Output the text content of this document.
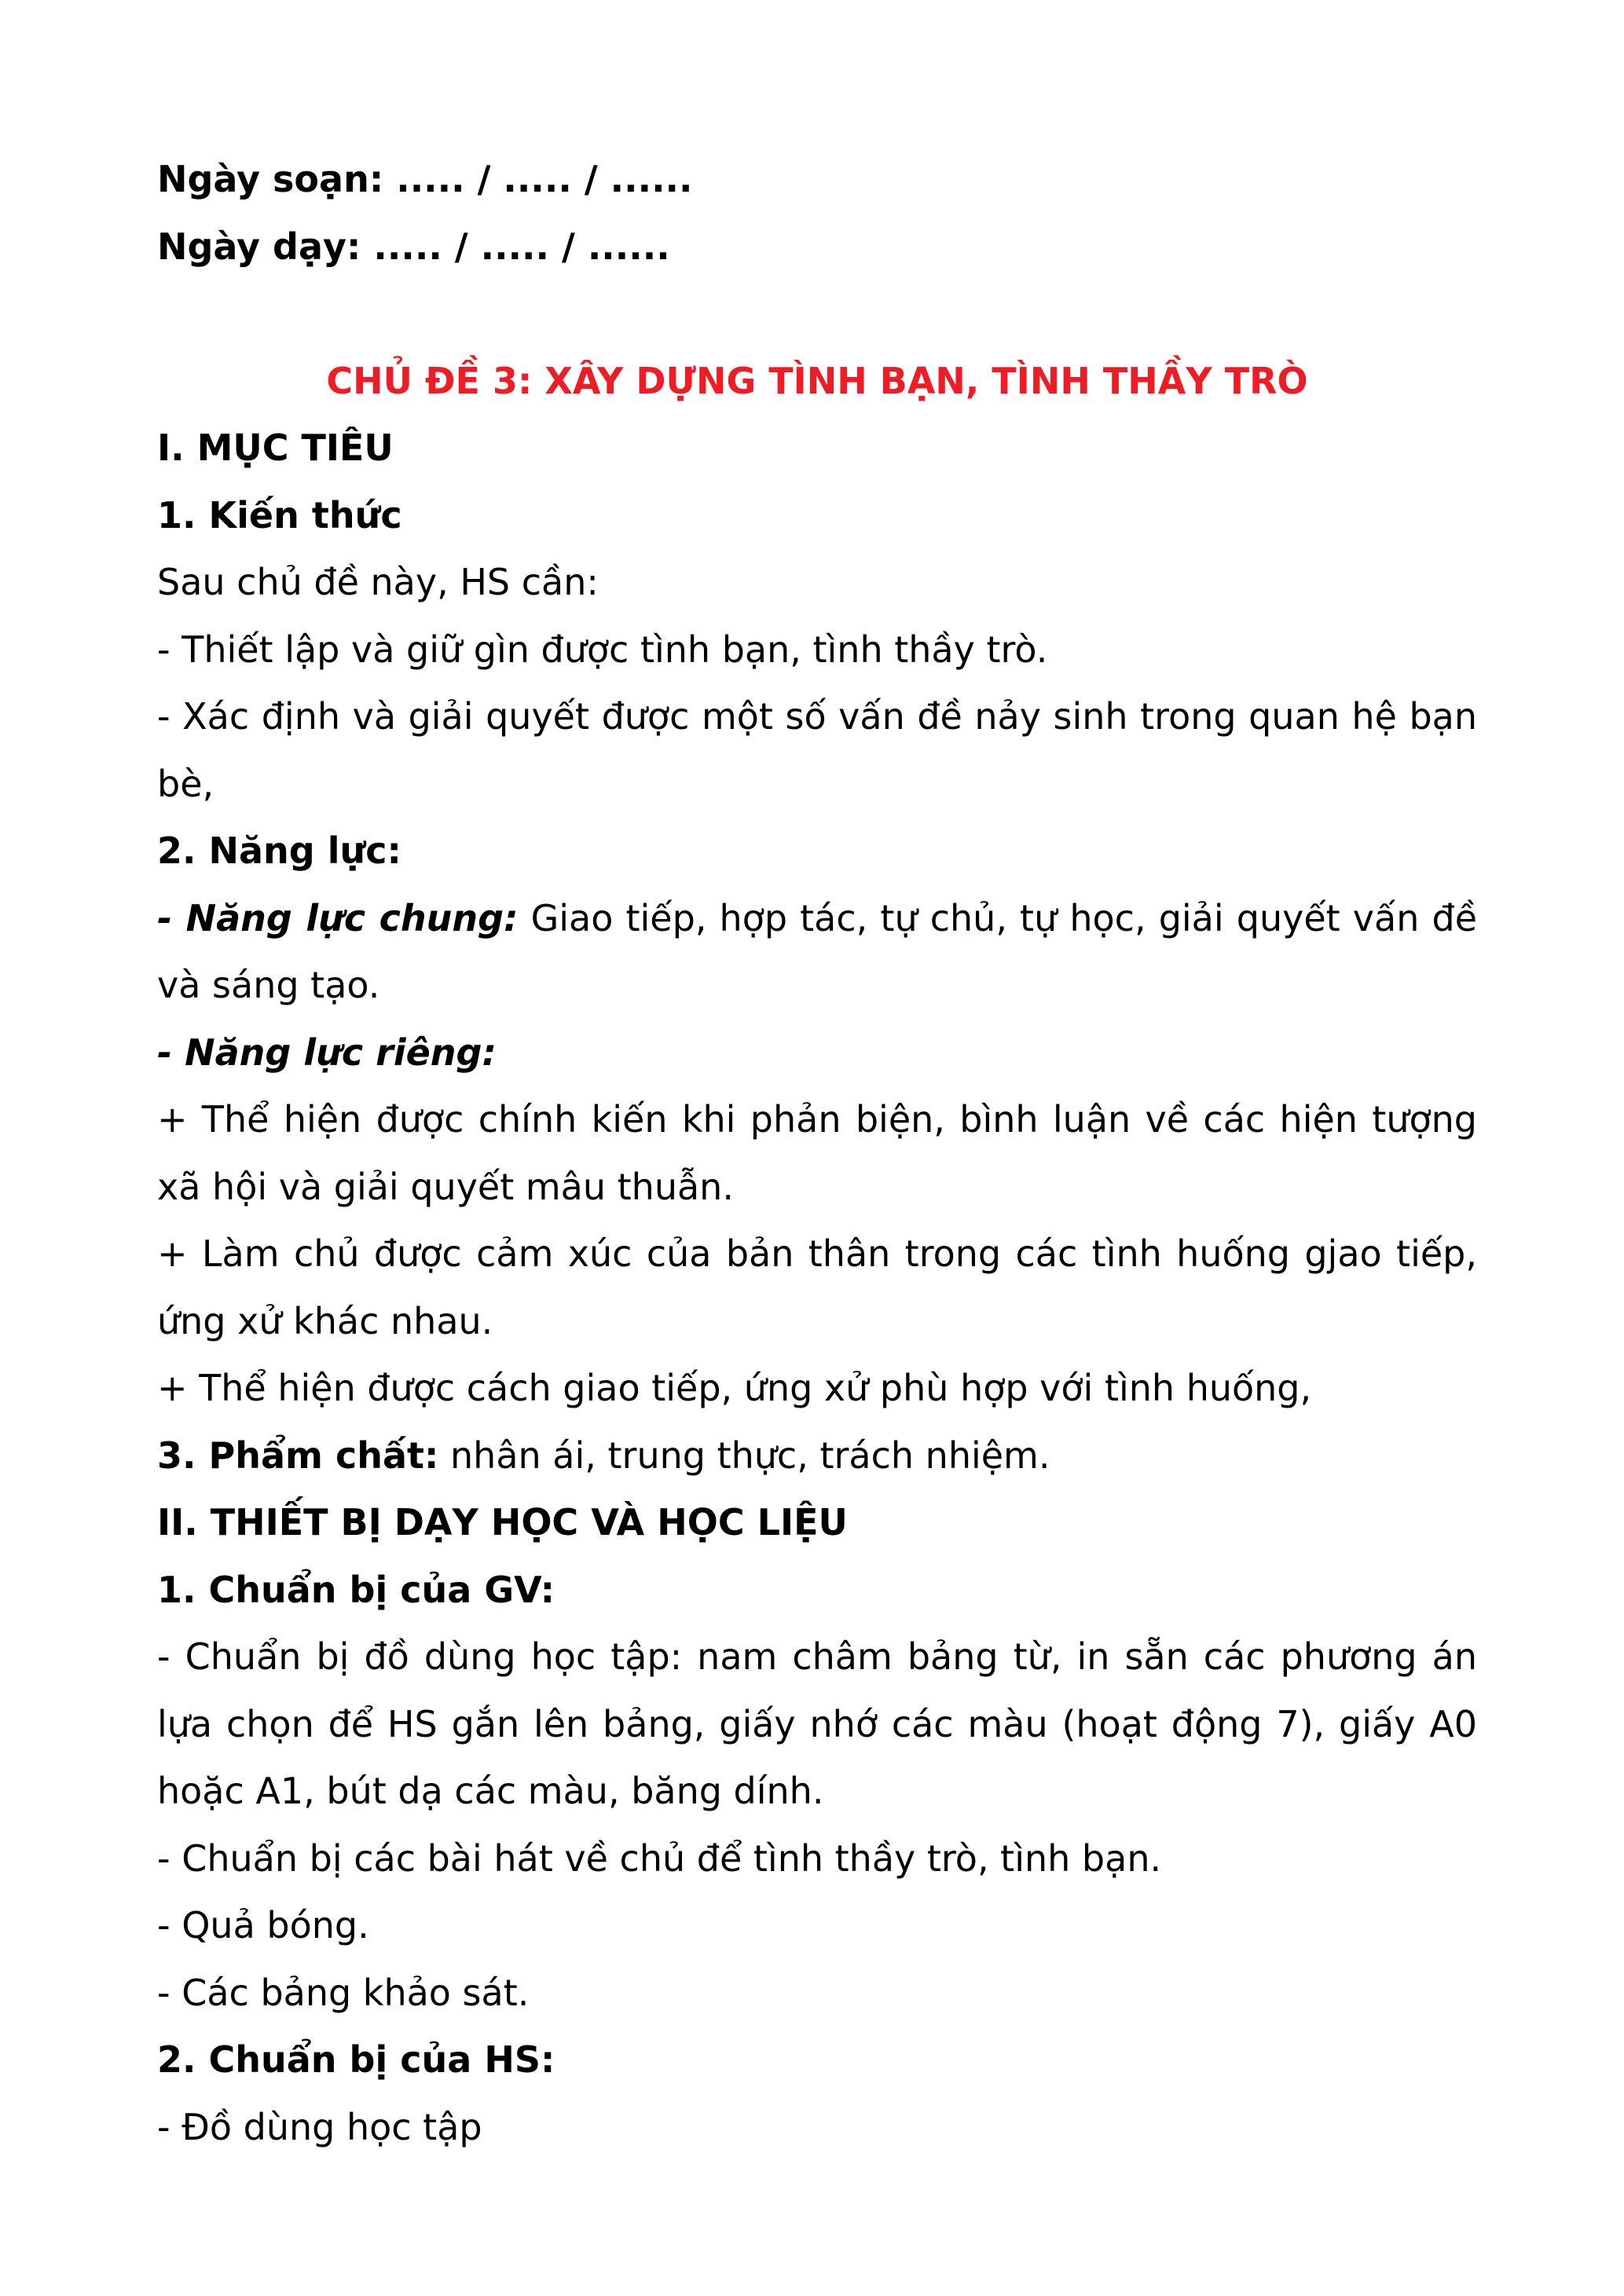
Ngày soạn: ..... / ..... / ......

Ngày dạy: ..... / ..... / ......

CHỦ ĐỀ 3: XÂY DỰNG TÌNH BẠN, TÌNH THẦY TRÒ

I. MỤC TIÊU

1. Kiến thức

Sau chủ đề này, HS cần:

- Thiết lập và giữ gìn được tình bạn, tình thầy trò.

- Xác định và giải quyết được một số vấn đề nảy sinh trong quan hệ bạn bè,

2. Năng lực:

- Năng lực chung: Giao tiếp, hợp tác, tự chủ, tự học, giải quyết vấn đề và sáng tạo.

- Năng lực riêng:

+ Thể hiện được chính kiến khi phản biện, bình luận về các hiện tượng xã hội và giải quyết mâu thuẫn.

+ Làm chủ được cảm xúc của bản thân trong các tình huống gjao tiếp, ứng xử khác nhau.

+ Thể hiện được cách giao tiếp, ứng xử phù hợp với tình huống,

3. Phẩm chất: nhân ái, trung thực, trách nhiệm.

II. THIẾT BỊ DẠY HỌC VÀ HỌC LIỆU

1. Chuẩn bị của GV:

- Chuẩn bị đồ dùng học tập: nam châm bảng từ, in sẵn các phương án lựa chọn để HS gắn lên bảng, giấy nhớ các màu (hoạt động 7), giấy A0 hoặc A1, bút dạ các màu, băng dính.

- Chuẩn bị các bài hát về chủ để tình thầy trò, tình bạn.

- Quả bóng.

- Các bảng khảo sát.

2. Chuẩn bị của HS:

- Đồ dùng học tập
